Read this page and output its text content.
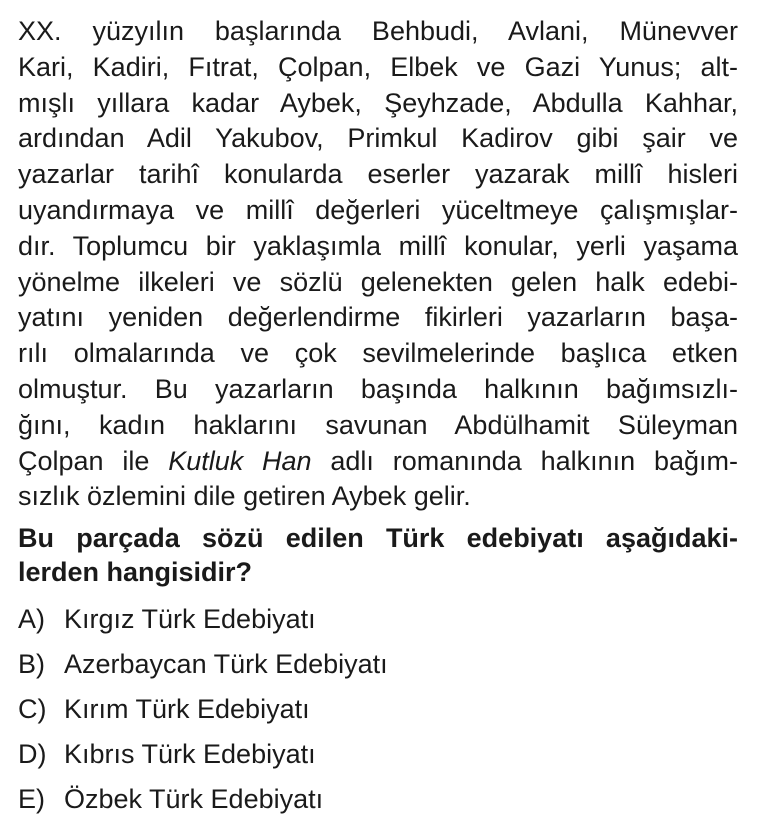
XX. yüzyılın başlarında Behbudi, Avlani, Münevver
Kari, Kadiri, Fıtrat, Çolpan, Elbek ve Gazi Yunus; alt-
mışlı yıllara kadar Aybek, Şeyhzade, Abdulla Kahhar,
ardından Adil Yakubov, Primkul Kadirov gibi şair ve
yazarlar tarihî konularda eserler yazarak millî hisleri
uyandırmaya ve millî değerleri yüceltmeye çalışmışlar-
dır. Toplumcu bir yaklaşımla millî konular, yerli yaşama
yönelme ilkeleri ve sözlü gelenekten gelen halk edebi-
yatını yeniden değerlendirme fikirleri yazarların başa-
rılı olmalarında ve çok sevilmelerinde başlıca etken
olmuştur. Bu yazarların başında halkının bağımsızlı-
ğını, kadın haklarını savunan Abdülhamit Süleyman
Çolpan ile Kutluk Han adlı romanında halkının bağım-
sızlık özlemini dile getiren Aybek gelir.
Bu parçada sözü edilen Türk edebiyatı aşağıdaki-
lerden hangisidir?
A) Kırgız Türk Edebiyatı
B) Azerbaycan Türk Edebiyatı
C) Kırım Türk Edebiyatı
D) Kıbrıs Türk Edebiyatı
E) Özbek Türk Edebiyatı
